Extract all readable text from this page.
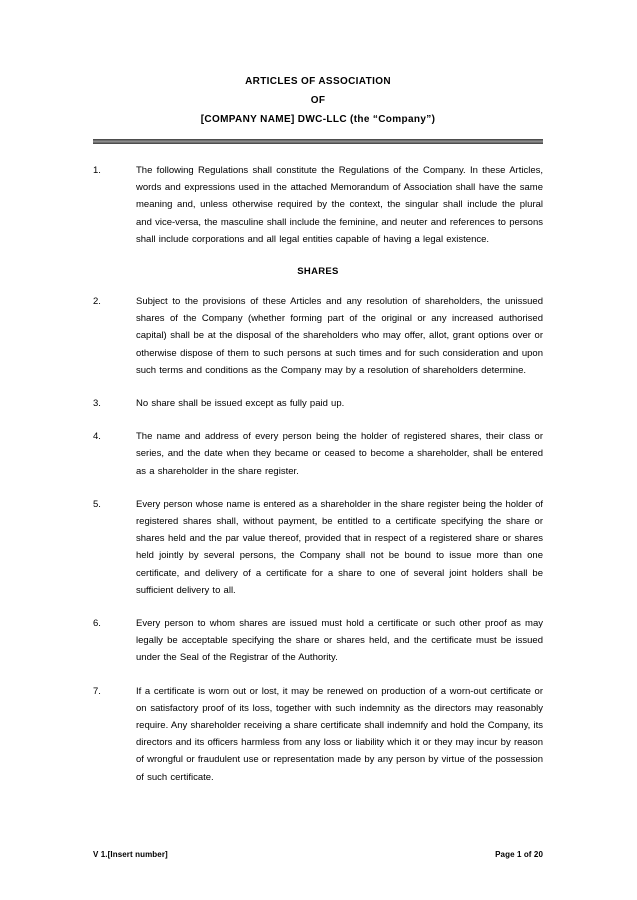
ARTICLES OF ASSOCIATION
OF
[COMPANY NAME] DWC-LLC (the “Company”)
1.	The following Regulations shall constitute the Regulations of the Company. In these Articles, words and expressions used in the attached Memorandum of Association shall have the same meaning and, unless otherwise required by the context, the singular shall include the plural and vice-versa, the masculine shall include the feminine, and neuter and references to persons shall include corporations and all legal entities capable of having a legal existence.
SHARES
2.	Subject to the provisions of these Articles and any resolution of shareholders, the unissued shares of the Company (whether forming part of the original or any increased authorised capital) shall be at the disposal of the shareholders who may offer, allot, grant options over or otherwise dispose of them to such persons at such times and for such consideration and upon such terms and conditions as the Company may by a resolution of shareholders determine.
3.	No share shall be issued except as fully paid up.
4.	The name and address of every person being the holder of registered shares, their class or series, and the date when they became or ceased to become a shareholder, shall be entered as a shareholder in the share register.
5.	Every person whose name is entered as a shareholder in the share register being the holder of registered shares shall, without payment, be entitled to a certificate specifying the share or shares held and the par value thereof, provided that in respect of a registered share or shares held jointly by several persons, the Company shall not be bound to issue more than one certificate, and delivery of a certificate for a share to one of several joint holders shall be sufficient delivery to all.
6.	Every person to whom shares are issued must hold a certificate or such other proof as may legally be acceptable specifying the share or shares held, and the certificate must be issued under the Seal of the Registrar of the Authority.
7.	If a certificate is worn out or lost, it may be renewed on production of a worn-out certificate or on satisfactory proof of its loss, together with such indemnity as the directors may reasonably require. Any shareholder receiving a share certificate shall indemnify and hold the Company, its directors and its officers harmless from any loss or liability which it or they may incur by reason of wrongful or fraudulent use or representation made by any person by virtue of the possession of such certificate.
V 1.[Insert number]	Page 1 of 20
